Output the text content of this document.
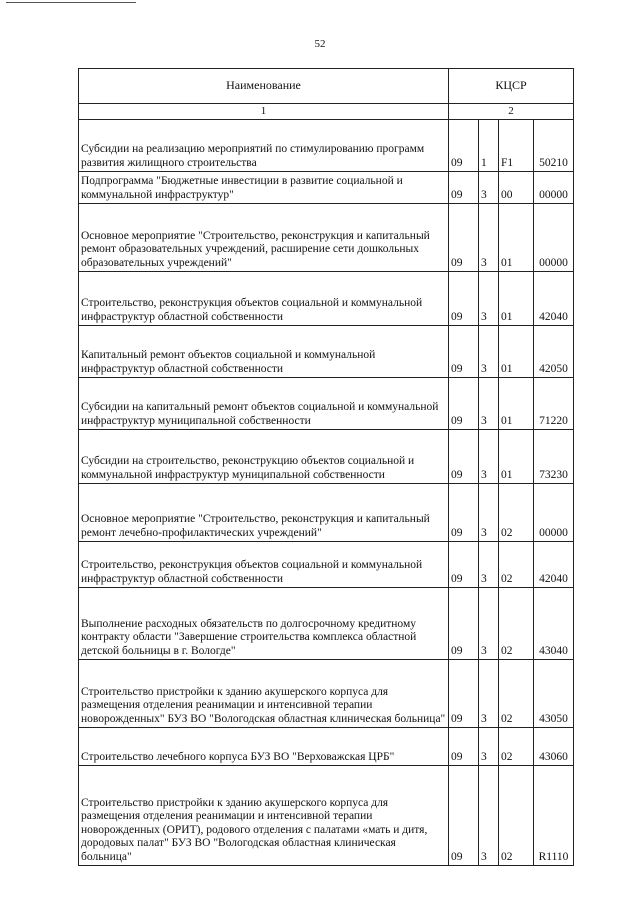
52
Наименование	КЦСР			
1	2			
Субсидии на реализацию мероприятий по стимулированию программ развития жилищного строительства	09	1	F1	50210
Подпрограмма "Бюджетные инвестиции в развитие социальной и коммунальной инфраструктур"	09	3	00	00000
Основное мероприятие "Строительство, реконструкция и капитальный ремонт образовательных учреждений, расширение сети дошкольных образовательных учреждений"	09	3	01	00000
Строительство, реконструкция объектов социальной и коммунальной инфраструктур областной собственности	09	3	01	42040
Капитальный ремонт объектов социальной и коммунальной инфраструктур областной собственности	09	3	01	42050
Субсидии на капитальный ремонт объектов социальной и коммунальной инфраструктур муниципальной собственности	09	3	01	71220
Субсидии на строительство, реконструкцию объектов социальной и коммунальной инфраструктур муниципальной собственности	09	3	01	73230
Основное мероприятие "Строительство, реконструкция и капитальный ремонт лечебно-профилактических учреждений"	09	3	02	00000
Строительство, реконструкция объектов социальной и коммунальной инфраструктур областной собственности	09	3	02	42040
Выполнение расходных обязательств по долгосрочному кредитному контракту области "Завершение строительства комплекса областной детской больницы в г. Вологде"	09	3	02	43040
Строительство пристройки к зданию акушерского корпуса для размещения отделения реанимации и интенсивной терапии новорожденных" БУЗ ВО "Вологодская областная клиническая больница"	09	3	02	43050
Строительство лечебного корпуса БУЗ ВО "Верховажская ЦРБ"	09	3	02	43060
Строительство пристройки к зданию акушерского корпуса для размещения отделения реанимации и интенсивной терапии новорожденных (ОРИТ), родового отделения с палатами «мать и дитя, дородовых палат" БУЗ ВО "Вологодская областная клиническая больница"	09	3	02	R1110
